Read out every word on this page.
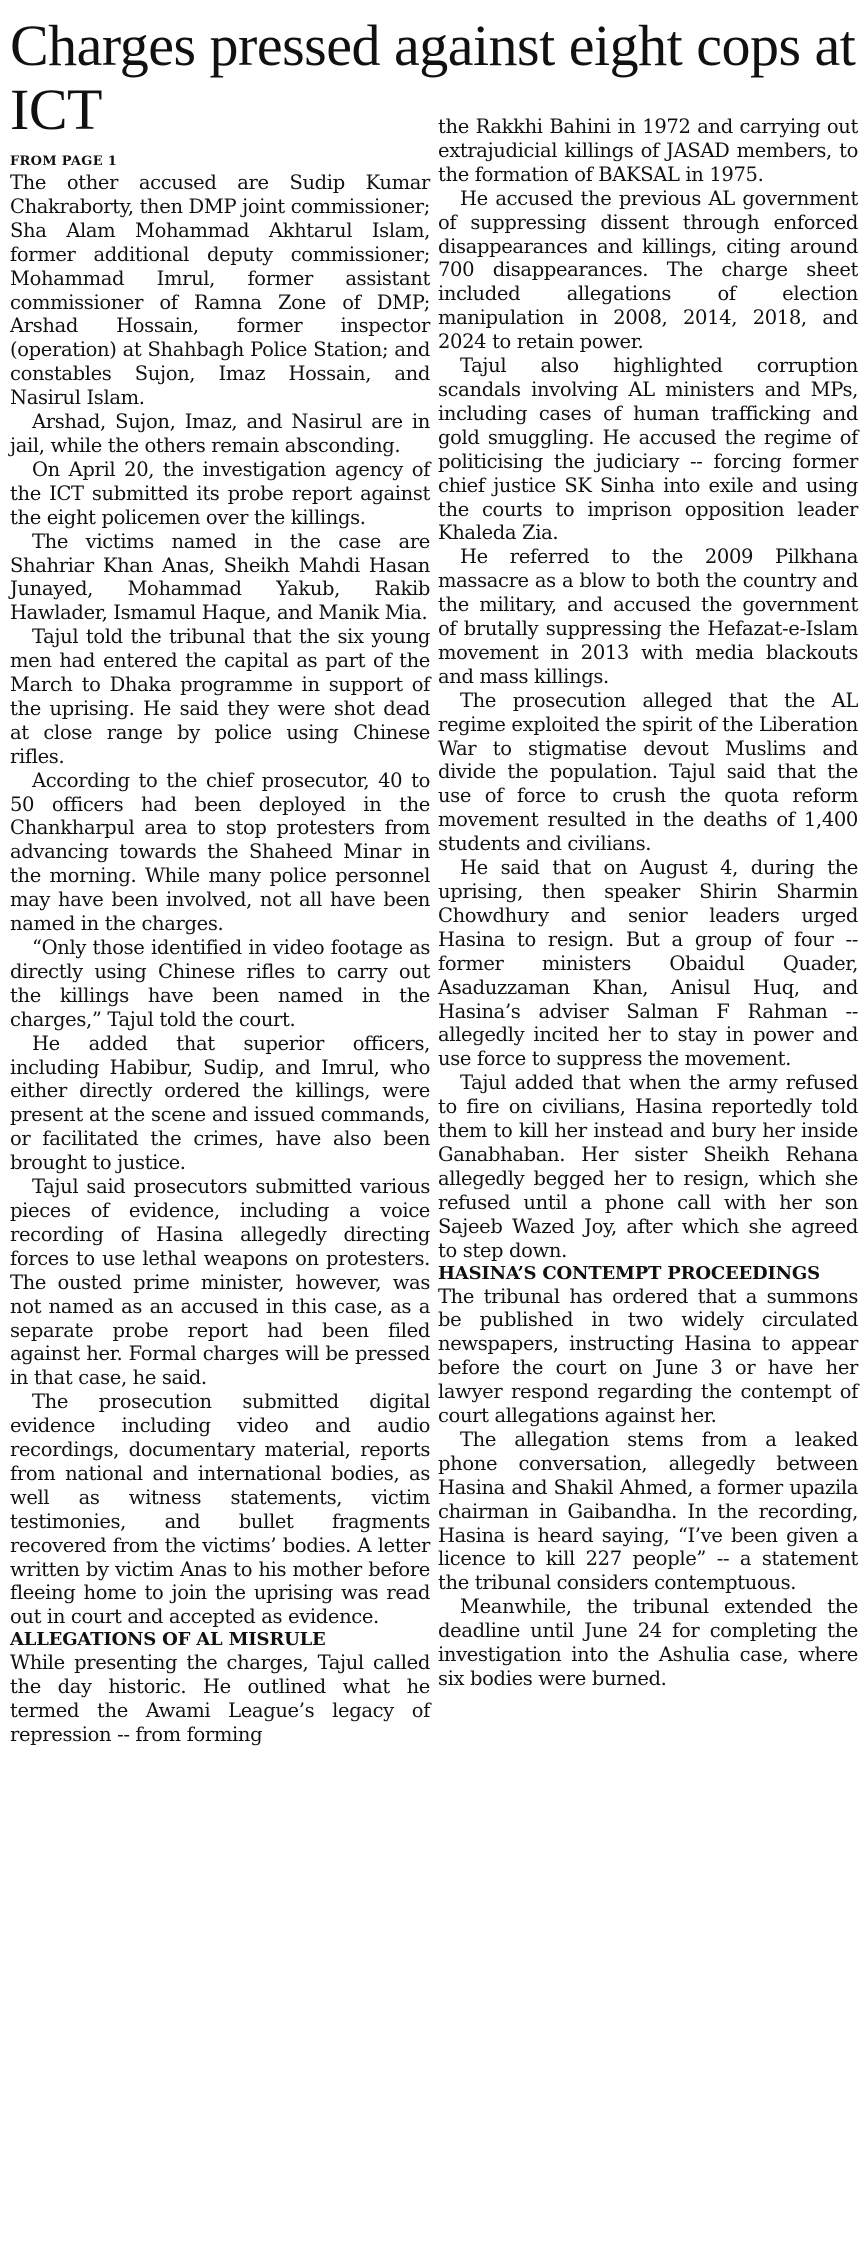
Charges pressed against eight cops at ICT
FROM PAGE 1

The other accused are Sudip Kumar Chakraborty, then DMP joint commissioner; Sha Alam Mohammad Akhtarul Islam, former additional deputy commissioner; Mohammad Imrul, former assistant commissioner of Ramna Zone of DMP; Arshad Hossain, former inspector (operation) at Shahbagh Police Station; and constables Sujon, Imaz Hossain, and Nasirul Islam.

Arshad, Sujon, Imaz, and Nasirul are in jail, while the others remain absconding.

On April 20, the investigation agency of the ICT submitted its probe report against the eight policemen over the killings.

The victims named in the case are Shahriar Khan Anas, Sheikh Mahdi Hasan Junayed, Mohammad Yakub, Rakib Hawlader, Ismamul Haque, and Manik Mia.

Tajul told the tribunal that the six young men had entered the capital as part of the March to Dhaka programme in support of the uprising. He said they were shot dead at close range by police using Chinese rifles.

According to the chief prosecutor, 40 to 50 officers had been deployed in the Chankharpul area to stop protesters from advancing towards the Shaheed Minar in the morning. While many police personnel may have been involved, not all have been named in the charges.

“Only those identified in video footage as directly using Chinese rifles to carry out the killings have been named in the charges,” Tajul told the court.

He added that superior officers, including Habibur, Sudip, and Imrul, who either directly ordered the killings, were present at the scene and issued commands, or facilitated the crimes, have also been brought to justice.

Tajul said prosecutors submitted various pieces of evidence, including a voice recording of Hasina allegedly directing forces to use lethal weapons on protesters. The ousted prime minister, however, was not named as an accused in this case, as a separate probe report had been filed against her. Formal charges will be pressed in that case, he said.

The prosecution submitted digital evidence including video and audio recordings, documentary material, reports from national and international bodies, as well as witness statements, victim testimonies, and bullet fragments recovered from the victims’ bodies. A letter written by victim Anas to his mother before fleeing home to join the uprising was read out in court and accepted as evidence.

ALLEGATIONS OF AL MISRULE

While presenting the charges, Tajul called the day historic. He outlined what he termed the Awami League’s legacy of repression -- from forming

the Rakkhi Bahini in 1972 and carrying out extrajudicial killings of JASAD members, to the formation of BAKSAL in 1975.

He accused the previous AL government of suppressing dissent through enforced disappearances and killings, citing around 700 disappearances. The charge sheet included allegations of election manipulation in 2008, 2014, 2018, and 2024 to retain power.

Tajul also highlighted corruption scandals involving AL ministers and MPs, including cases of human trafficking and gold smuggling. He accused the regime of politicising the judiciary -- forcing former chief justice SK Sinha into exile and using the courts to imprison opposition leader Khaleda Zia.

He referred to the 2009 Pilkhana massacre as a blow to both the country and the military, and accused the government of brutally suppressing the Hefazat-e-Islam movement in 2013 with media blackouts and mass killings.

The prosecution alleged that the AL regime exploited the spirit of the Liberation War to stigmatise devout Muslims and divide the population. Tajul said that the use of force to crush the quota reform movement resulted in the deaths of 1,400 students and civilians.

He said that on August 4, during the uprising, then speaker Shirin Sharmin Chowdhury and senior leaders urged Hasina to resign. But a group of four -- former ministers Obaidul Quader, Asaduzzaman Khan, Anisul Huq, and Hasina’s adviser Salman F Rahman -- allegedly incited her to stay in power and use force to suppress the movement.

Tajul added that when the army refused to fire on civilians, Hasina reportedly told them to kill her instead and bury her inside Ganabhaban. Her sister Sheikh Rehana allegedly begged her to resign, which she refused until a phone call with her son Sajeeb Wazed Joy, after which she agreed to step down.

HASINA’S CONTEMPT PROCEEDINGS

The tribunal has ordered that a summons be published in two widely circulated newspapers, instructing Hasina to appear before the court on June 3 or have her lawyer respond regarding the contempt of court allegations against her.

The allegation stems from a leaked phone conversation, allegedly between Hasina and Shakil Ahmed, a former upazila chairman in Gaibandha. In the recording, Hasina is heard saying, “I’ve been given a licence to kill 227 people” -- a statement the tribunal considers contemptuous.

Meanwhile, the tribunal extended the deadline until June 24 for completing the investigation into the Ashulia case, where six bodies were burned.
